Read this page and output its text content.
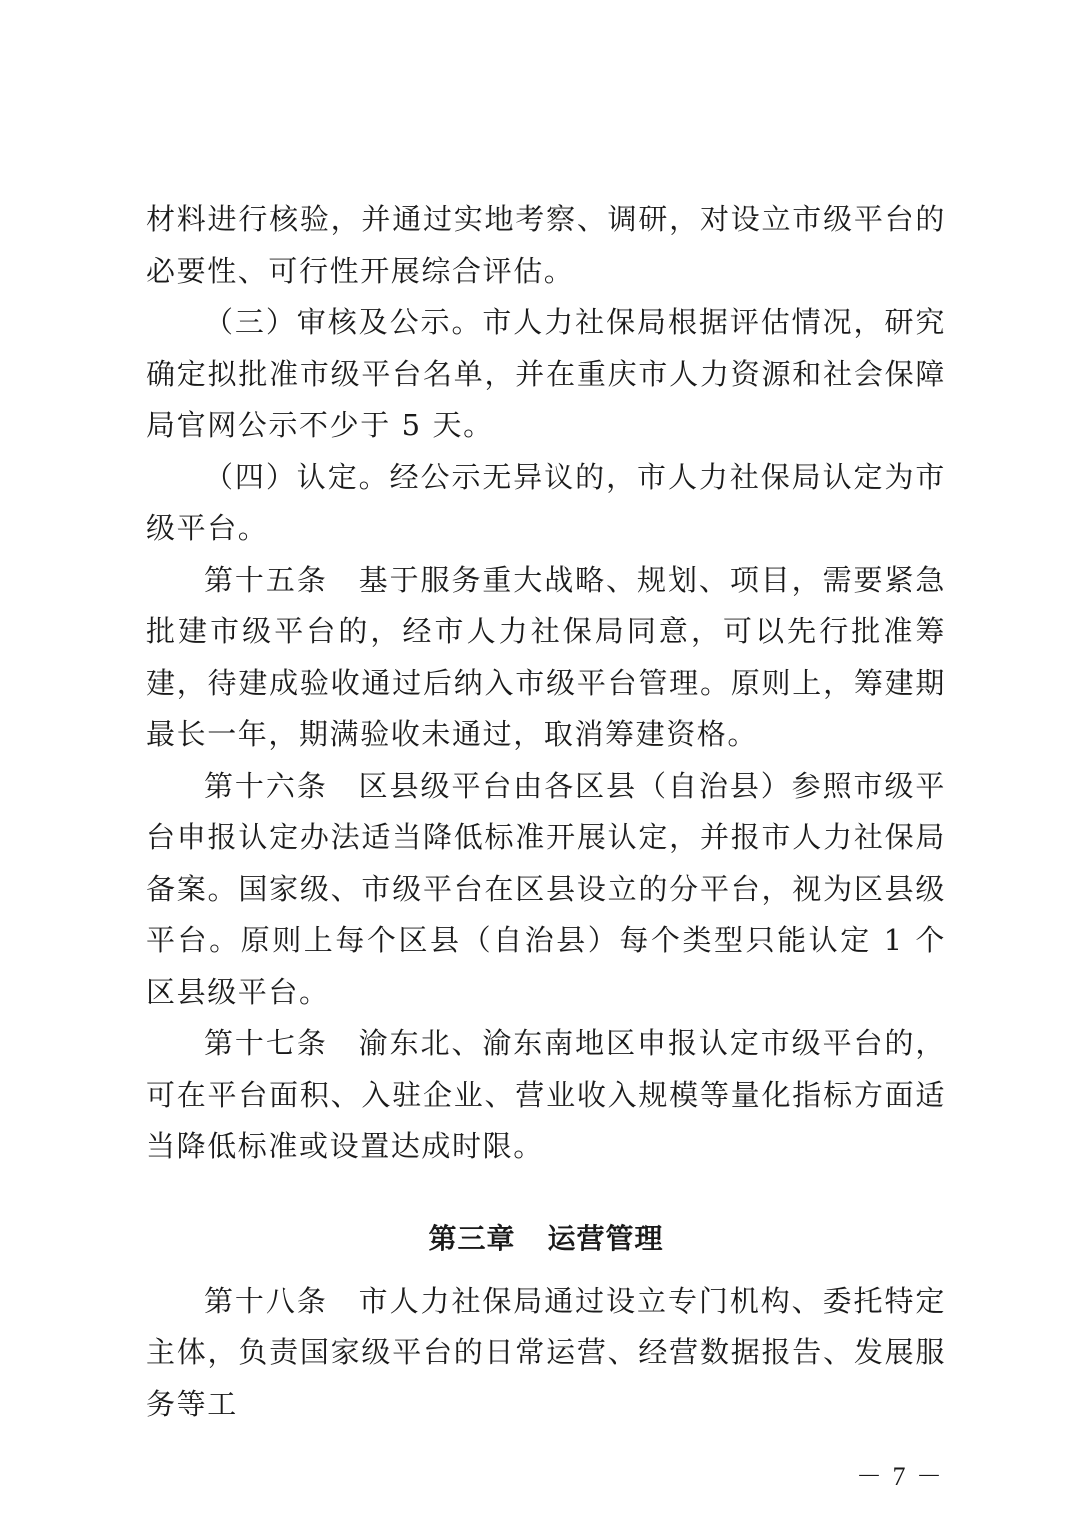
材料进行核验，并通过实地考察、调研，对设立市级平台的必要性、可行性开展综合评估。

（三）审核及公示。市人力社保局根据评估情况，研究确定拟批准市级平台名单，并在重庆市人力资源和社会保障局官网公示不少于 5 天。

（四）认定。经公示无异议的，市人力社保局认定为市级平台。

第十五条　基于服务重大战略、规划、项目，需要紧急批建市级平台的，经市人力社保局同意，可以先行批准筹建，待建成验收通过后纳入市级平台管理。原则上，筹建期最长一年，期满验收未通过，取消筹建资格。

第十六条　区县级平台由各区县（自治县）参照市级平台申报认定办法适当降低标准开展认定，并报市人力社保局备案。国家级、市级平台在区县设立的分平台，视为区县级平台。原则上每个区县（自治县）每个类型只能认定 1 个区县级平台。

第十七条　渝东北、渝东南地区申报认定市级平台的，可在平台面积、入驻企业、营业收入规模等量化指标方面适当降低标准或设置达成时限。

第三章 运营管理

第十八条　市人力社保局通过设立专门机构、委托特定主体，负责国家级平台的日常运营、经营数据报告、发展服务等工

－ 7 －
